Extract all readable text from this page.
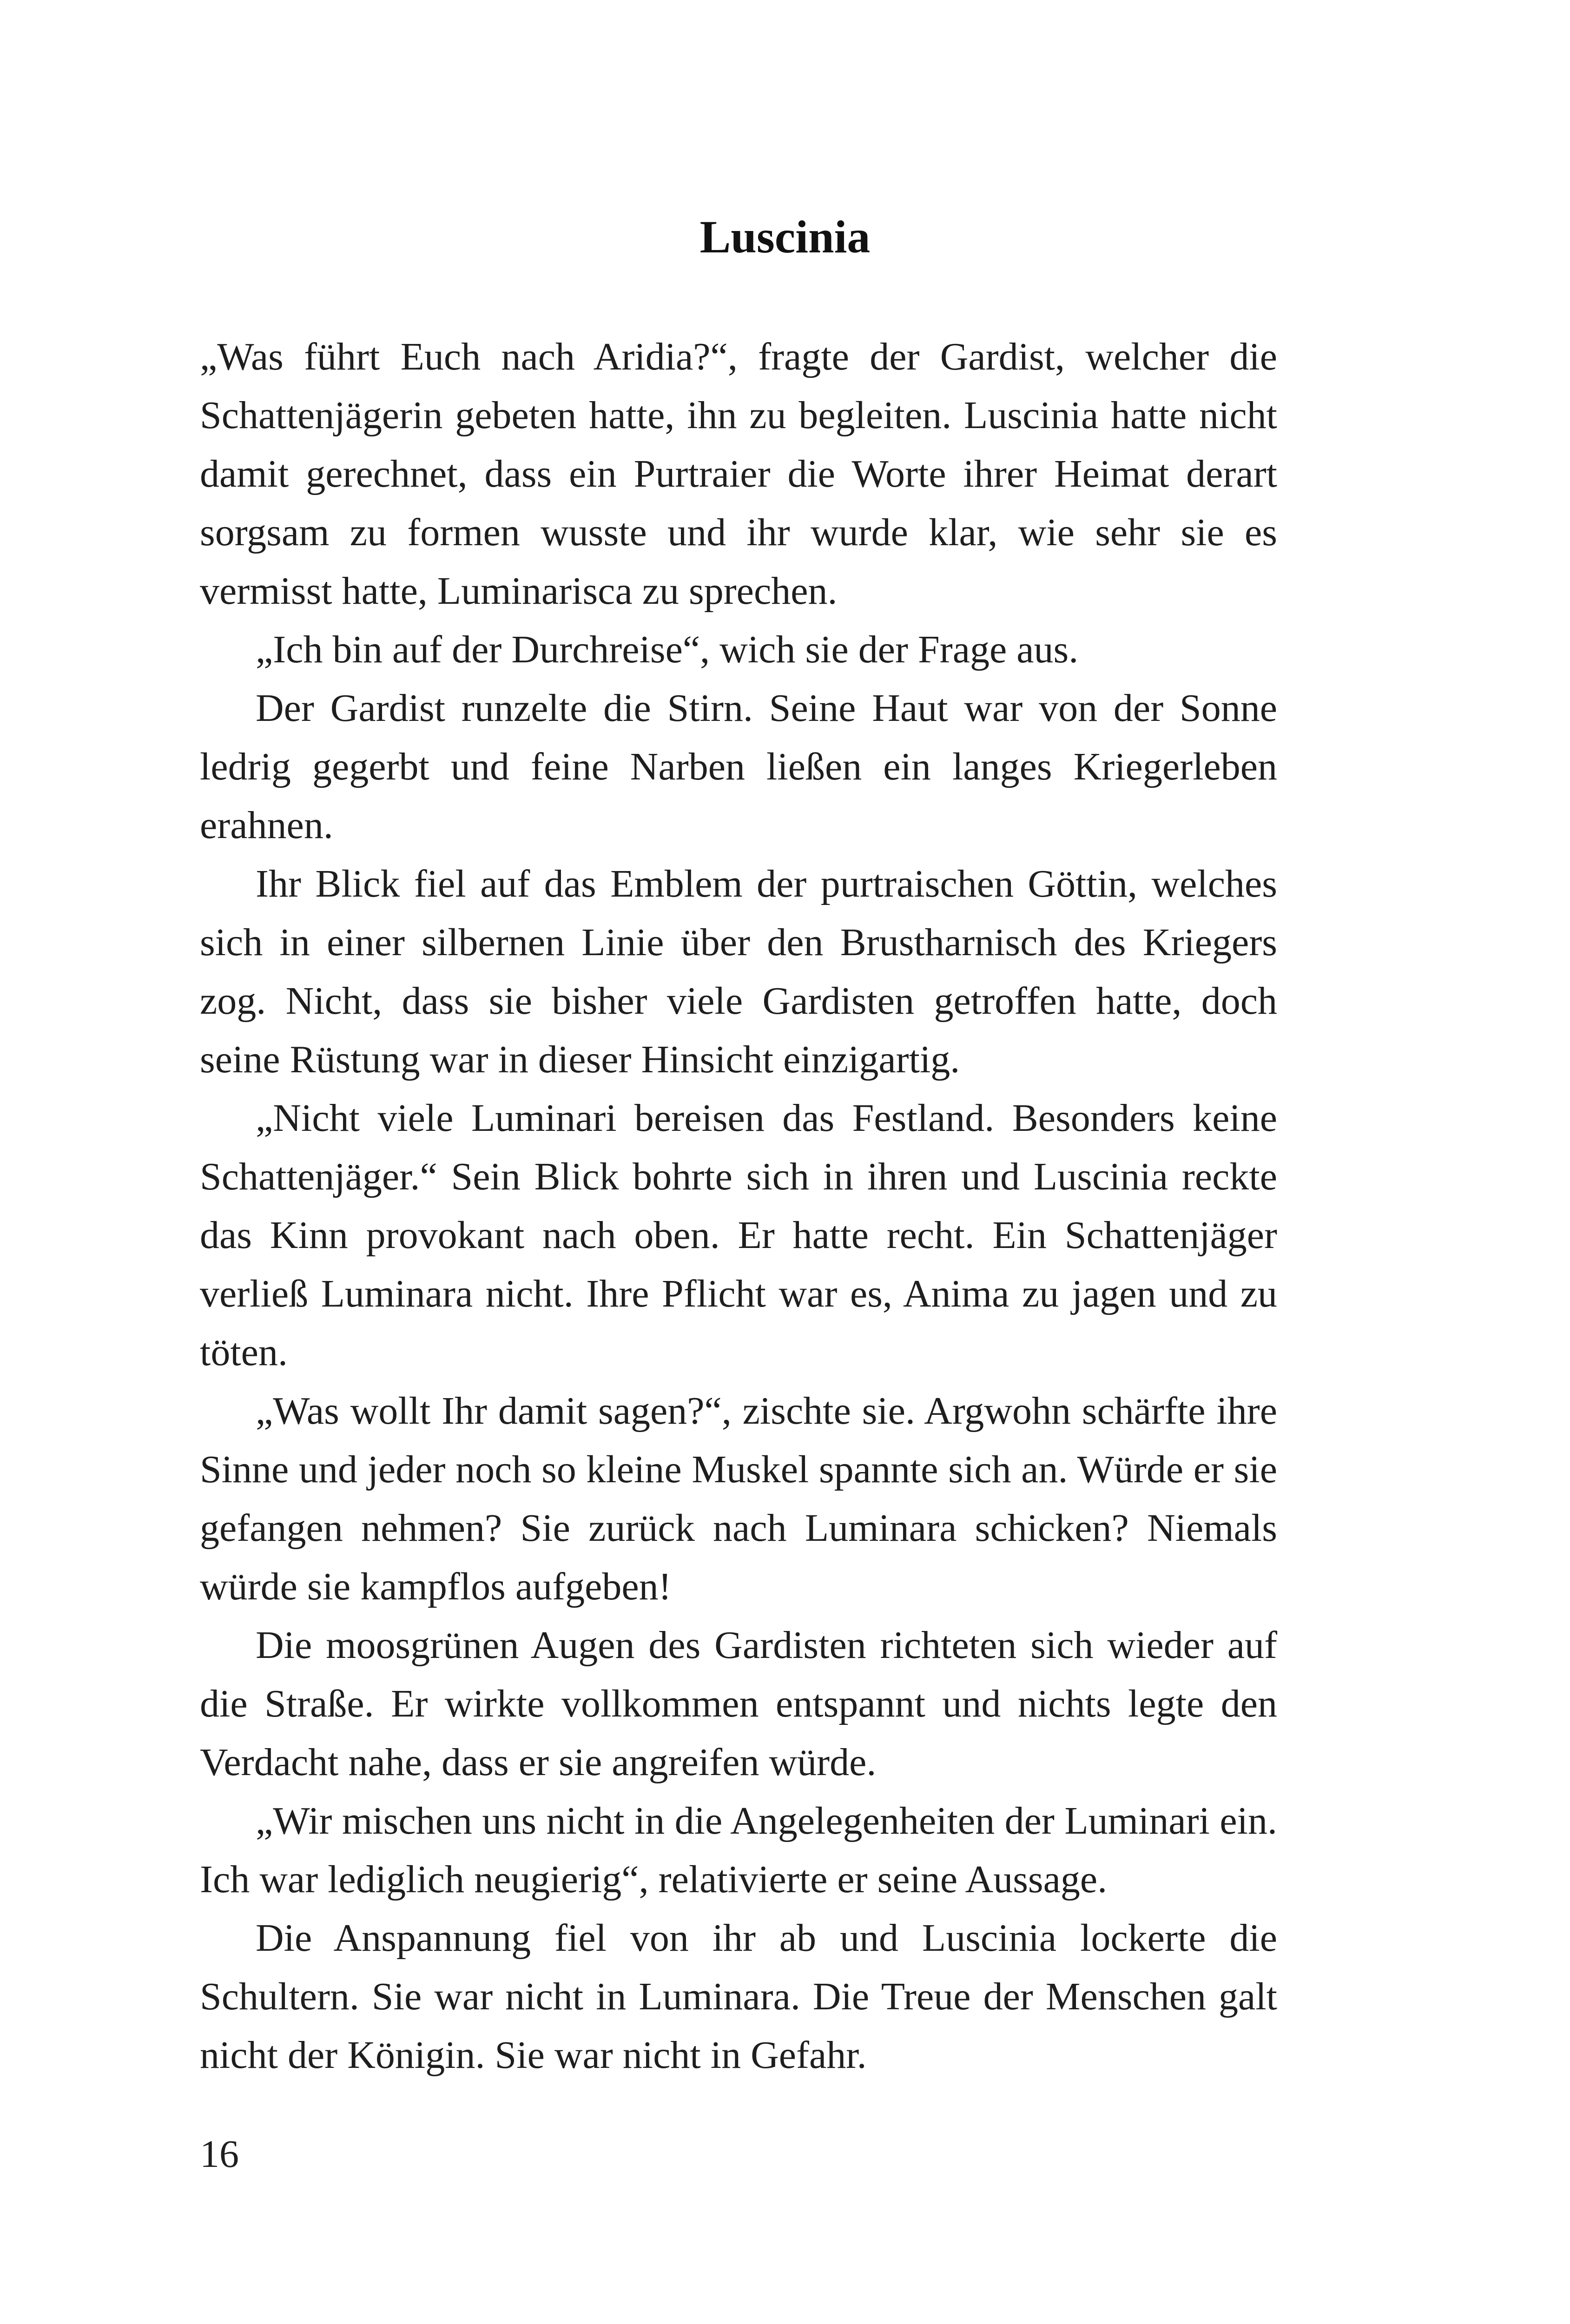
Luscinia

„Was führt Euch nach Aridia?“, fragte der Gardist, welcher die Schattenjägerin gebeten hatte, ihn zu begleiten. Luscinia hatte nicht damit gerechnet, dass ein Purtraier die Worte ihrer Heimat derart sorgsam zu formen wusste und ihr wurde klar, wie sehr sie es vermisst hatte, Luminarisca zu sprechen.

„Ich bin auf der Durchreise“, wich sie der Frage aus.

Der Gardist runzelte die Stirn. Seine Haut war von der Sonne ledrig gegerbt und feine Narben ließen ein langes Kriegerleben erahnen.

Ihr Blick fiel auf das Emblem der purtraischen Göttin, welches sich in einer silbernen Linie über den Brustharnisch des Kriegers zog. Nicht, dass sie bisher viele Gardisten getroffen hatte, doch seine Rüstung war in dieser Hinsicht einzigartig.

„Nicht viele Luminari bereisen das Festland. Besonders keine Schattenjäger.“ Sein Blick bohrte sich in ihren und Luscinia reckte das Kinn provokant nach oben. Er hatte recht. Ein Schattenjäger verließ Luminara nicht. Ihre Pflicht war es, Anima zu jagen und zu töten.

„Was wollt Ihr damit sagen?“, zischte sie. Argwohn schärfte ihre Sinne und jeder noch so kleine Muskel spannte sich an. Würde er sie gefangen nehmen? Sie zurück nach Luminara schicken? Niemals würde sie kampflos aufgeben!

Die moosgrünen Augen des Gardisten richteten sich wieder auf die Straße. Er wirkte vollkommen entspannt und nichts legte den Verdacht nahe, dass er sie angreifen würde.

„Wir mischen uns nicht in die Angelegenheiten der Luminari ein. Ich war lediglich neugierig“, relativierte er seine Aussage.

Die Anspannung fiel von ihr ab und Luscinia lockerte die Schultern. Sie war nicht in Luminara. Die Treue der Menschen galt nicht der Königin. Sie war nicht in Gefahr.

16
